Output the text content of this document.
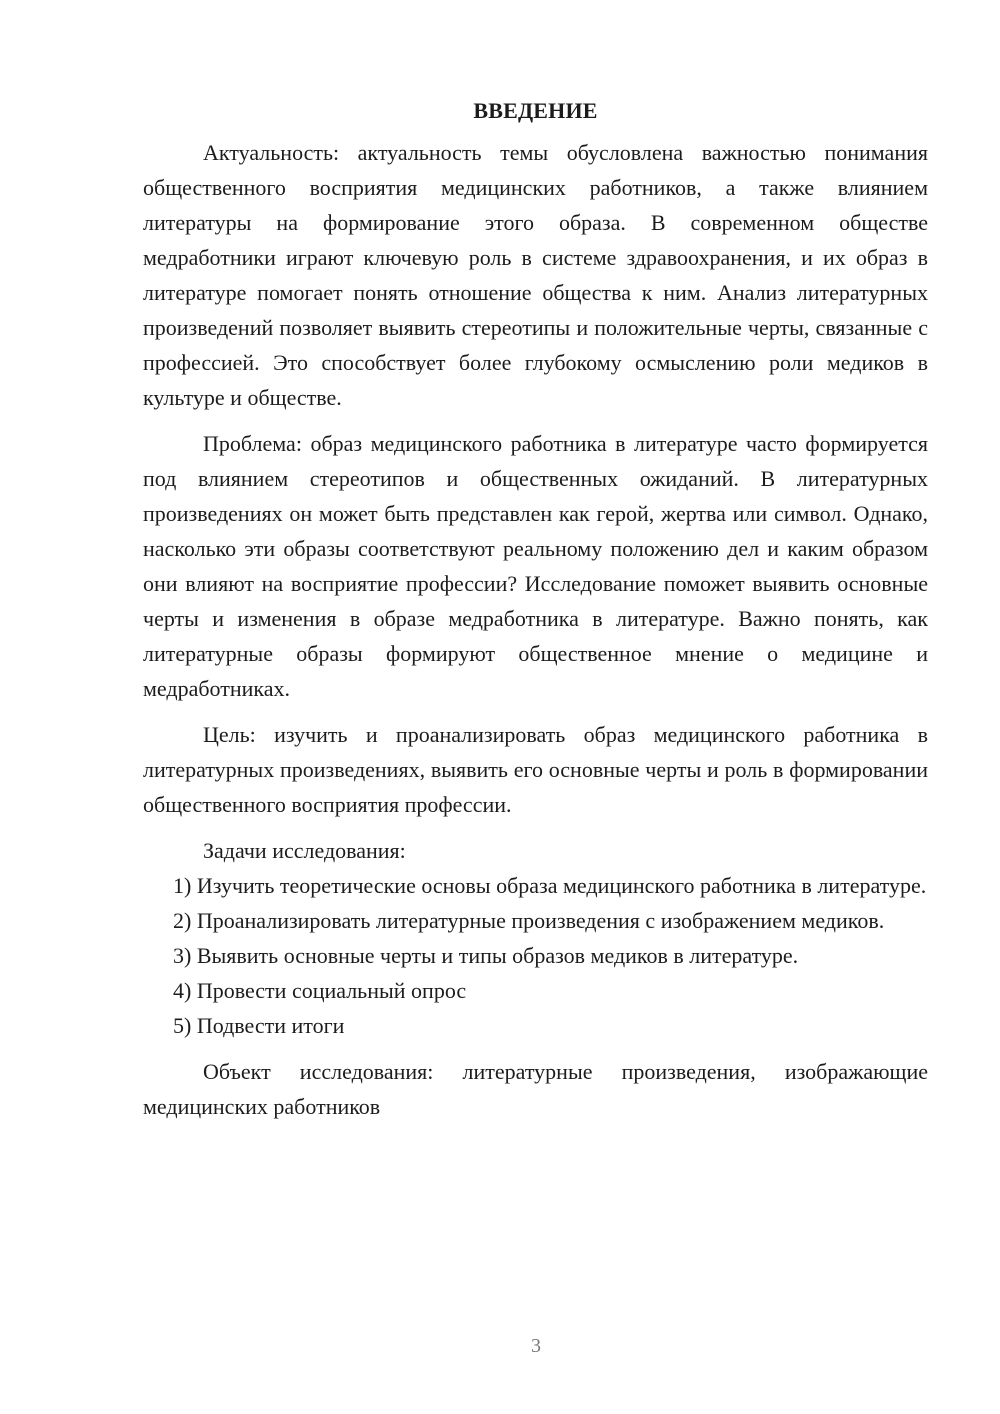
ВВЕДЕНИЕ

Актуальность: актуальность темы обусловлена важностью понимания общественного восприятия медицинских работников, а также влиянием литературы на формирование этого образа. В современном обществе медработники играют ключевую роль в системе здравоохранения, и их образ в литературе помогает понять отношение общества к ним. Анализ литературных произведений позволяет выявить стереотипы и положительные черты, связанные с профессией. Это способствует более глубокому осмыслению роли медиков в культуре и обществе.

Проблема: образ медицинского работника в литературе часто формируется под влиянием стереотипов и общественных ожиданий. В литературных произведениях он может быть представлен как герой, жертва или символ. Однако, насколько эти образы соответствуют реальному положению дел и каким образом они влияют на восприятие профессии? Исследование поможет выявить основные черты и изменения в образе медработника в литературе. Важно понять, как литературные образы формируют общественное мнение о медицине и медработниках.

Цель: изучить и проанализировать образ медицинского работника в литературных произведениях, выявить его основные черты и роль в формировании общественного восприятия профессии.

Задачи исследования:

1) Изучить теоретические основы образа медицинского работника в литературе.

2) Проанализировать литературные произведения с изображением медиков.

3) Выявить основные черты и типы образов медиков в литературе.

4) Провести социальный опрос

5) Подвести итоги

Объект исследования: литературные произведения, изображающие медицинских работников

3
